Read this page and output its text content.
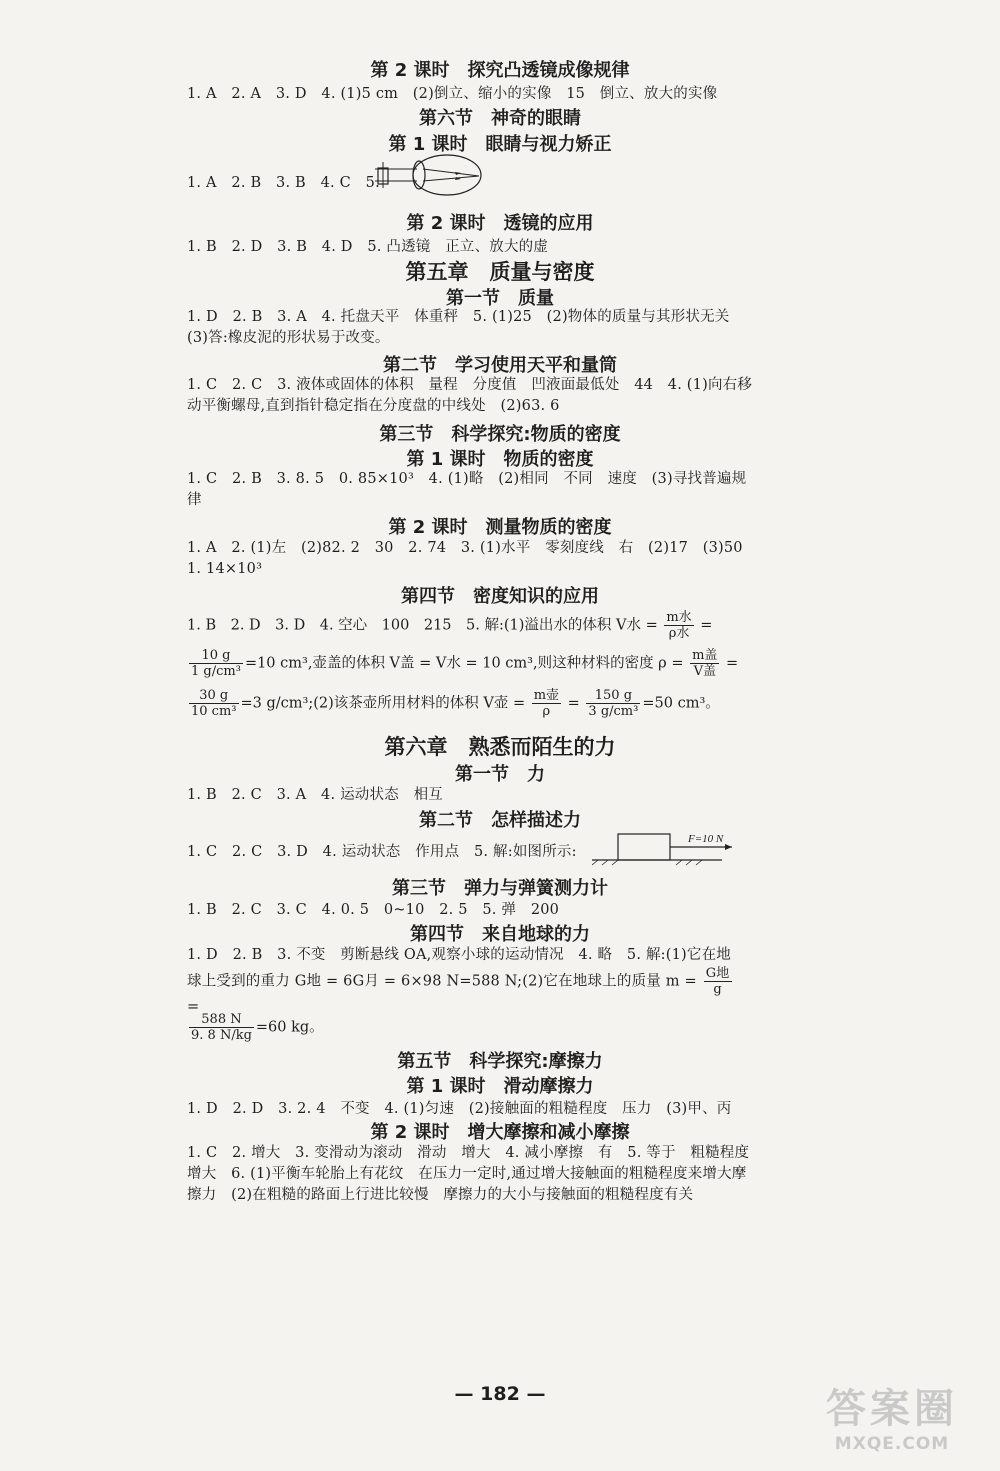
第 2 课时　探究凸透镜成像规律
1. A　2. A　3. D　4. (1)5 cm　(2)倒立、缩小的实像　15　倒立、放大的实像
第六节　神奇的眼睛
第 1 课时　眼睛与视力矫正
1. A　2. B　3. B　4. C　5.
第 2 课时　透镜的应用
1. B　2. D　3. B　4. D　5. 凸透镜　正立、放大的虚
第五章　质量与密度
第一节　质量
1. D　2. B　3. A　4. 托盘天平　体重秤　5. (1)25　(2)物体的质量与其形状无关　(3)答:橡皮泥的形状易于改变。
第二节　学习使用天平和量筒
1. C　2. C　3. 液体或固体的体积　量程　分度值　凹液面最低处　44　4. (1)向右移动平衡螺母,直到指针稳定指在分度盘的中线处　(2)63. 6
第三节　科学探究:物质的密度
第 1 课时　物质的密度
1. C　2. B　3. 8. 5　0. 85×10³　4. (1)略　(2)相同　不同　速度　(3)寻找普遍规律
第 2 课时　测量物质的密度
1. A　2. (1)左　(2)82. 2　30　2. 74　3. (1)水平　零刻度线　右　(2)17　(3)50　1. 14×10³
第四节　密度知识的应用
1. B　2. D　3. D　4. 空心　100　215　5. 解:(1)溢出水的体积 V水 = $\frac{\text{m水}}{\text{ρ水}}$ =
$\frac{10 g}{\text{1 g/cm³}} =10$ cm³,壶盖的体积 V盖 = V水 = 10 cm³,则这种材料的密度 $\rho = \frac{\text{m盖}}{\text{V盖}}$ =
$\frac{30 g}{\text{10 cm³}} =3$ g/cm³;(2)该茶壶所用材料的体积 V壶 = $\frac{\text{m壶}}{\rho} = \frac{150 g}{\text{3 g/cm³}} =50$ cm³。
第六章　熟悉而陌生的力
第一节　力
1. B　2. C　3. A　4. 运动状态　相互
第二节　怎样描述力
1. C　2. C　3. D　4. 运动状态　作用点　5. 解:如图所示:
F=10 N
第三节　弹力与弹簧测力计
1. B　2. C　3. C　4. 0. 5　0~10　2. 5　5. 弹　200
第四节　来自地球的力
1. D　2. B　3. 不变　剪断悬线 OA,观察小球的运动情况　4. 略　5. 解:(1)它在地球上受到的重力 G地 = 6G月 = 6×98 N=588 N;(2)它在地球上的质量 $m = \frac{\text{G地}}{g}$
=
$\frac{588 N}{9. 8 N/kg} =60$ kg。
第五节　科学探究:摩擦力
第 1 课时　滑动摩擦力
1. D　2. D　3. 2. 4　不变　4. (1)匀速　(2)接触面的粗糙程度　压力　(3)甲、丙
第 2 课时　增大摩擦和减小摩擦
1. C　2. 增大　3. 变滑动为滚动　滑动　增大　4. 减小摩擦　有　5. 等于　粗糙程度　增大　6. (1)平衡车轮胎上有花纹　在压力一定时,通过增大接触面的粗糙程度来增大摩擦力　(2)在粗糙的路面上行进比较慢　摩擦力的大小与接触面的粗糙程度有关
— 182 —	答案圈
MXQE.COM
